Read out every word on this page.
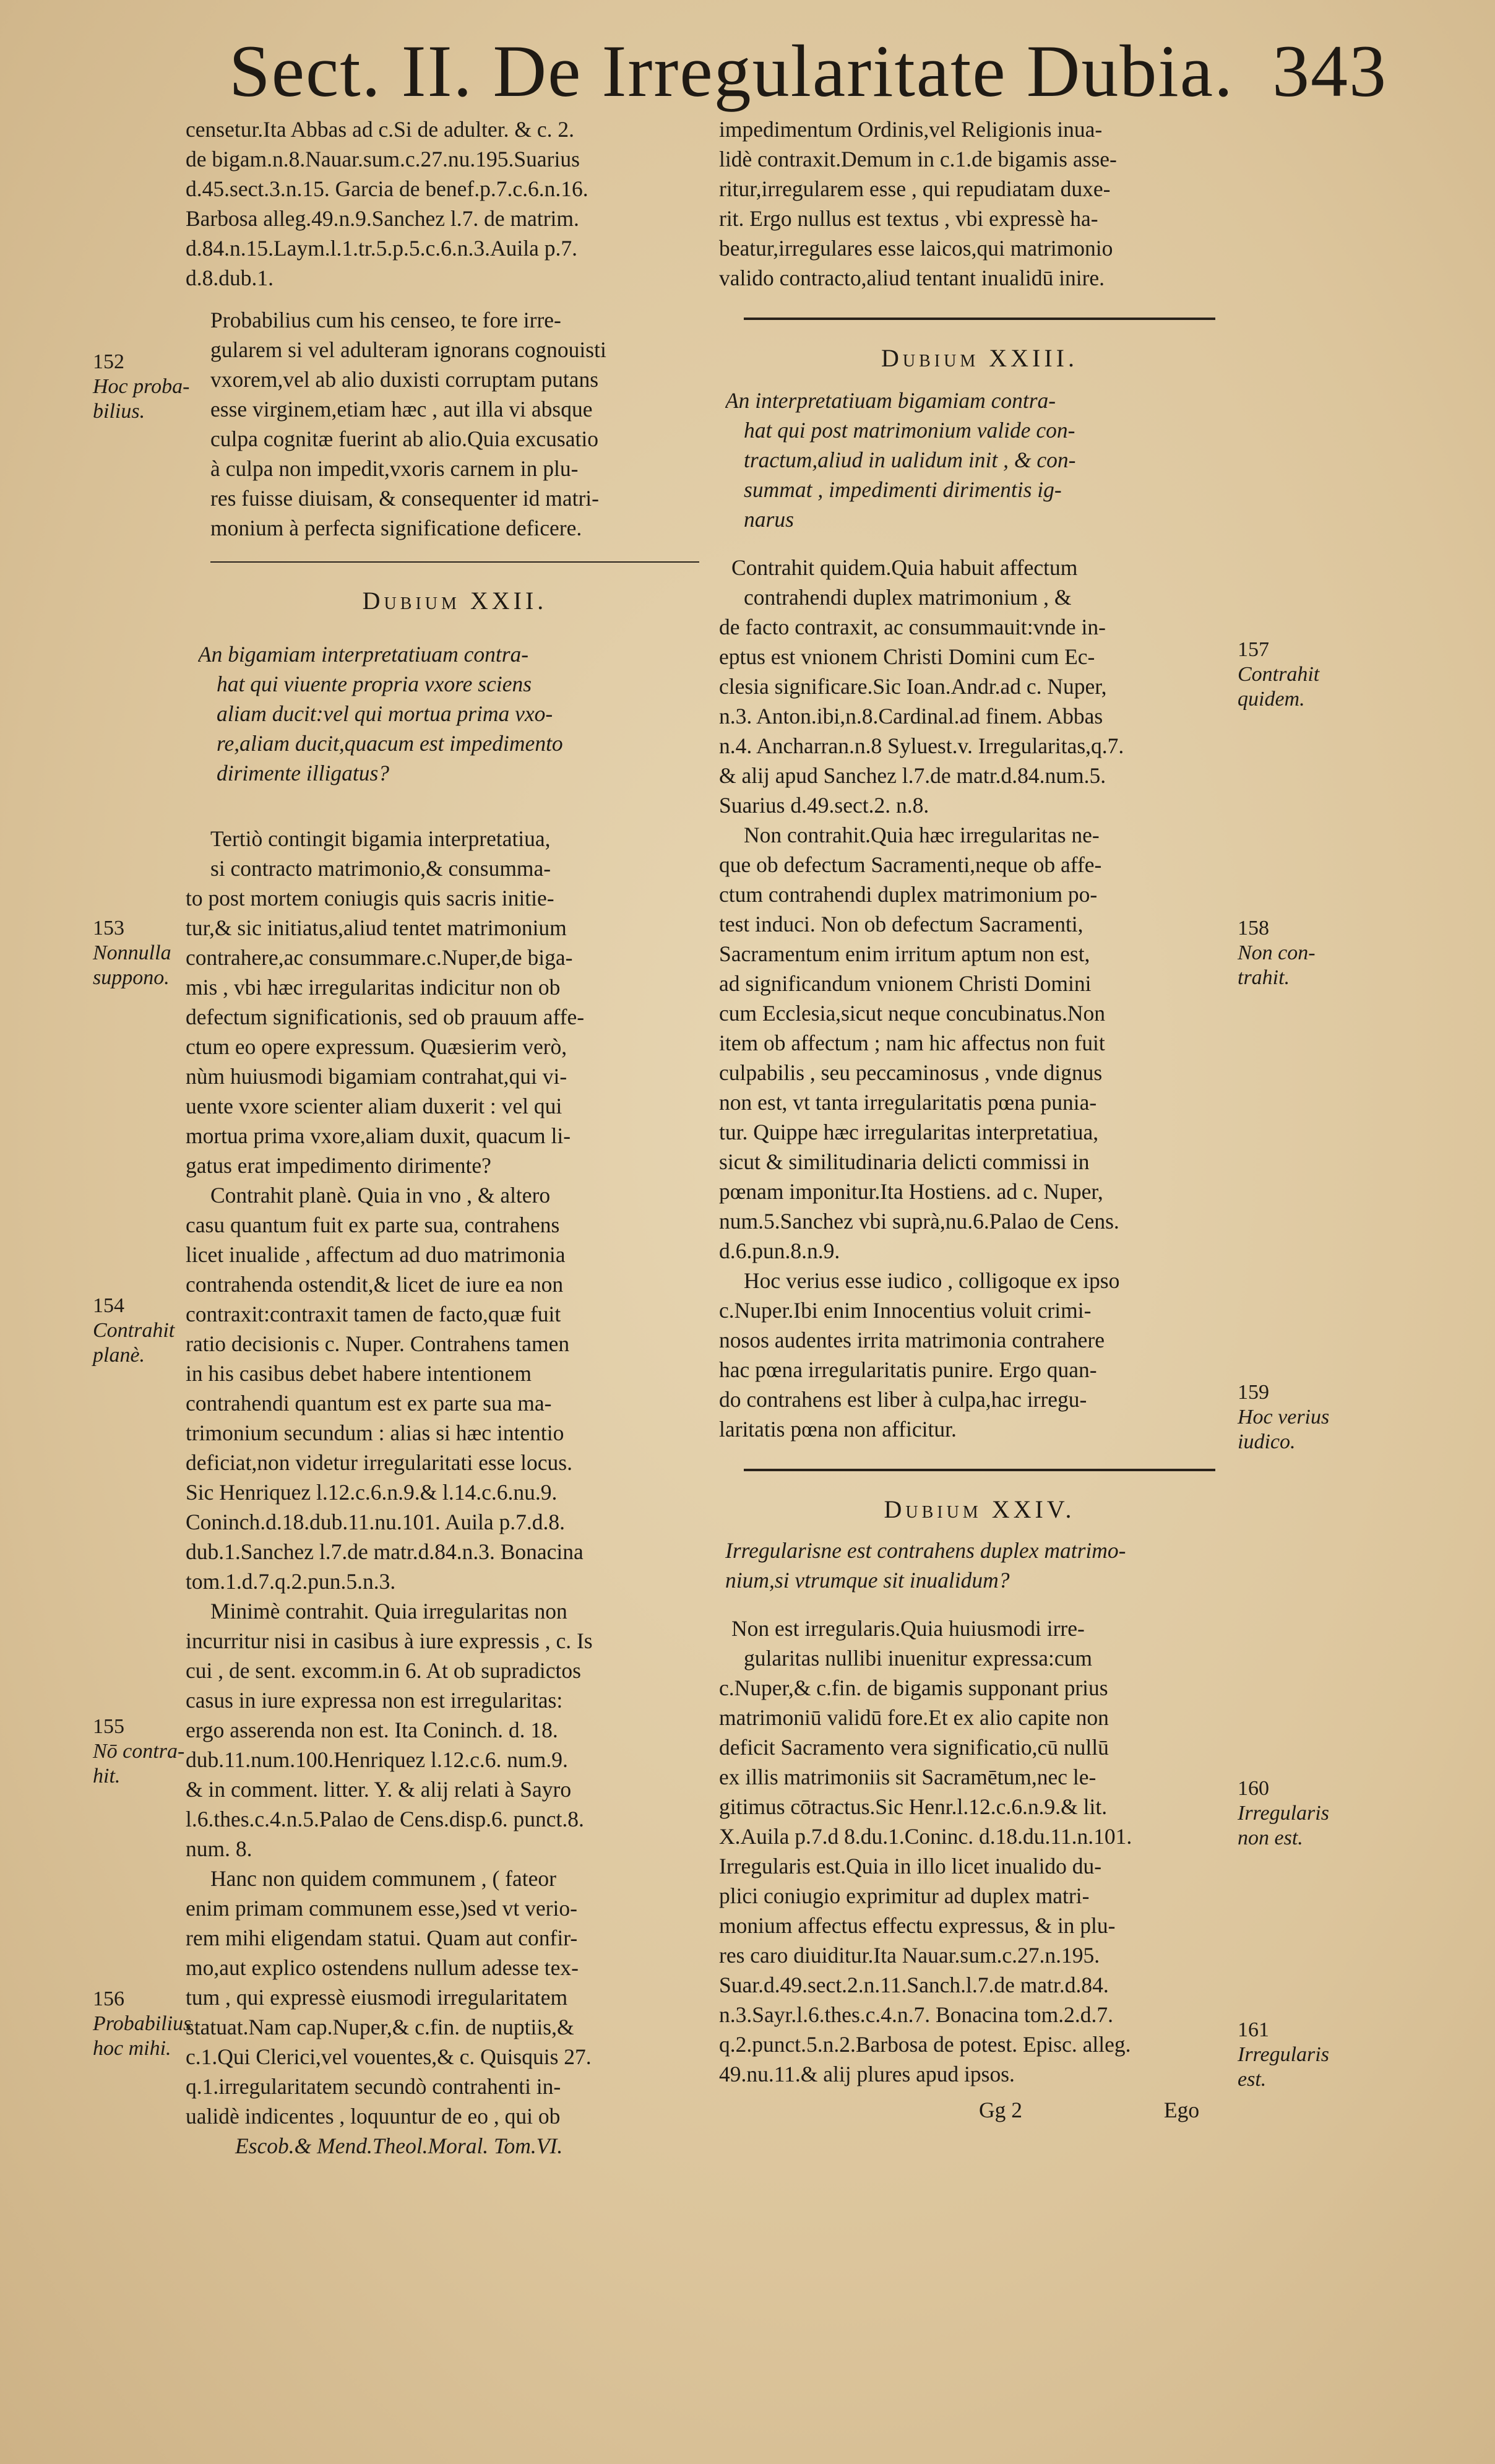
Sect. II. De Irregularitate Dubia. 343
censetur.Ita Abbas ad c.Si de adulter. & c. 2.
de bigam.n.8.Nauar.sum.c.27.nu.195.Suarius
d.45.sect.3.n.15. Garcia de benef.p.7.c.6.n.16.
Barbosa alleg.49.n.9.Sanchez l.7. de matrim.
d.84.n.15.Laym.l.1.tr.5.p.5.c.6.n.3.Auila p.7.
d.8.dub.1.
Probabilius cum his censeo, te fore irre-
gularem si vel adulteram ignorans cognouisti
vxorem,vel ab alio duxisti corruptam putans
esse virginem,etiam hæc , aut illa vi absque
culpa cognitæ fuerint ab alio.Quia excusatio
à culpa non impedit,vxoris carnem in plu-
res fuisse diuisam, & consequenter id matri-
monium à perfecta significatione deficere.
Dubium XXII.
An bigamiam interpretatiuam contra-
hat qui viuente propria vxore sciens
aliam ducit:vel qui mortua prima vxo-
re,aliam ducit,quacum est impedimento
dirimente illigatus?
Tertiò contingit bigamia interpretatiua,
si contracto matrimonio,& consumma-
to post mortem coniugis quis sacris initie-
tur,& sic initiatus,aliud tentet matrimonium
contrahere,ac consummare.c.Nuper,de biga-
mis , vbi hæc irregularitas indicitur non ob
defectum significationis, sed ob prauum affe-
ctum eo opere expressum. Quæsierim verò,
nùm huiusmodi bigamiam contrahat,qui vi-
uente vxore scienter aliam duxerit : vel qui
mortua prima vxore,aliam duxit, quacum li-
gatus erat impedimento dirimente?
Contrahit planè. Quia in vno , & altero
casu quantum fuit ex parte sua, contrahens
licet inualide , affectum ad duo matrimonia
contrahenda ostendit,& licet de iure ea non
contraxit:contraxit tamen de facto,quæ fuit
ratio decisionis c. Nuper. Contrahens tamen
in his casibus debet habere intentionem
contrahendi quantum est ex parte sua ma-
trimonium secundum : alias si hæc intentio
deficiat,non videtur irregularitati esse locus.
Sic Henriquez l.12.c.6.n.9.& l.14.c.6.nu.9.
Coninch.d.18.dub.11.nu.101. Auila p.7.d.8.
dub.1.Sanchez l.7.de matr.d.84.n.3. Bonacina
tom.1.d.7.q.2.pun.5.n.3.
Minimè contrahit. Quia irregularitas non
incurritur nisi in casibus à iure expressis , c. Is
cui , de sent. excomm.in 6. At ob supradictos
casus in iure expressa non est irregularitas:
ergo asserenda non est. Ita Coninch. d. 18.
dub.11.num.100.Henriquez l.12.c.6. num.9.
& in comment. litter. Y. & alij relati à Sayro
l.6.thes.c.4.n.5.Palao de Cens.disp.6. punct.8.
num. 8.
Hanc non quidem communem , ( fateor
enim primam communem esse,)sed vt verio-
rem mihi eligendam statui. Quam aut confir-
mo,aut explico ostendens nullum adesse tex-
tum , qui expressè eiusmodi irregularitatem
statuat.Nam cap.Nuper,& c.fin. de nuptiis,&
c.1.Qui Clerici,vel vouentes,& c. Quisquis 27.
q.1.irregularitatem secundò contrahenti in-
ualidè indicentes , loquuntur de eo , qui ob
Escob.& Mend.Theol.Moral. Tom.VI.
impedimentum Ordinis,vel Religionis inua-
lidè contraxit.Demum in c.1.de bigamis asse-
ritur,irregularem esse , qui repudiatam duxe-
rit. Ergo nullus est textus , vbi expressè ha-
beatur,irregulares esse laicos,qui matrimonio
valido contracto,aliud tentant inualidū inire.
Dubium XXIII.
An interpretatiuam bigamiam contra-
hat qui post matrimonium valide con-
tractum,aliud in ualidum init , & con-
summat , impedimenti dirimentis ig-
narus
Contrahit quidem.Quia habuit affectum
contrahendi duplex matrimonium , &
de facto contraxit, ac consummauit:vnde in-
eptus est vnionem Christi Domini cum Ec-
clesia significare.Sic Ioan.Andr.ad c. Nuper,
n.3. Anton.ibi,n.8.Cardinal.ad finem. Abbas
n.4. Ancharran.n.8 Syluest.v. Irregularitas,q.7.
& alij apud Sanchez l.7.de matr.d.84.num.5.
Suarius d.49.sect.2. n.8.
Non contrahit.Quia hæc irregularitas ne-
que ob defectum Sacramenti,neque ob affe-
ctum contrahendi duplex matrimonium po-
test induci. Non ob defectum Sacramenti,
Sacramentum enim irritum aptum non est,
ad significandum vnionem Christi Domini
cum Ecclesia,sicut neque concubinatus.Non
item ob affectum ; nam hic affectus non fuit
culpabilis , seu peccaminosus , vnde dignus
non est, vt tanta irregularitatis pœna punia-
tur. Quippe hæc irregularitas interpretatiua,
sicut & similitudinaria delicti commissi in
pœnam imponitur.Ita Hostiens. ad c. Nuper,
num.5.Sanchez vbi suprà,nu.6.Palao de Cens.
d.6.pun.8.n.9.
Hoc verius esse iudico , colligoque ex ipso
c.Nuper.Ibi enim Innocentius voluit crimi-
nosos audentes irrita matrimonia contrahere
hac pœna irregularitatis punire. Ergo quan-
do contrahens est liber à culpa,hac irregu-
laritatis pœna non afficitur.
Dubium XXIV.
Irregularisne est contrahens duplex matrimo-
nium,si vtrumque sit inualidum?
Non est irregularis.Quia huiusmodi irre-
gularitas nullibi inuenitur expressa:cum
c.Nuper,& c.fin. de bigamis supponant prius
matrimoniū validū fore.Et ex alio capite non
deficit Sacramento vera significatio,cū nullū
ex illis matrimoniis sit Sacramētum,nec le-
gitimus cōtractus.Sic Henr.l.12.c.6.n.9.& lit.
X.Auila p.7.d 8.du.1.Coninc. d.18.du.11.n.101.
Irregularis est.Quia in illo licet inualido du-
plici coniugio exprimitur ad duplex matri-
monium affectus effectu expressus, & in plu-
res caro diuiditur.Ita Nauar.sum.c.27.n.195.
Suar.d.49.sect.2.n.11.Sanch.l.7.de matr.d.84.
n.3.Sayr.l.6.thes.c.4.n.7. Bonacina tom.2.d.7.
q.2.punct.5.n.2.Barbosa de potest. Episc. alleg.
49.nu.11.& alij plures apud ipsos.
Gg 2	Ego
152
Hoc proba-
bilius.
153
Nonnulla
suppono.
154
Contrahit
planè.
155
Nō contra-
hit.
156
Probabilius
hoc mihi.
157
Contrahit
quidem.
158
Non con-
trahit.
159
Hoc verius
iudico.
160
Irregularis
non est.
161
Irregularis
est.
